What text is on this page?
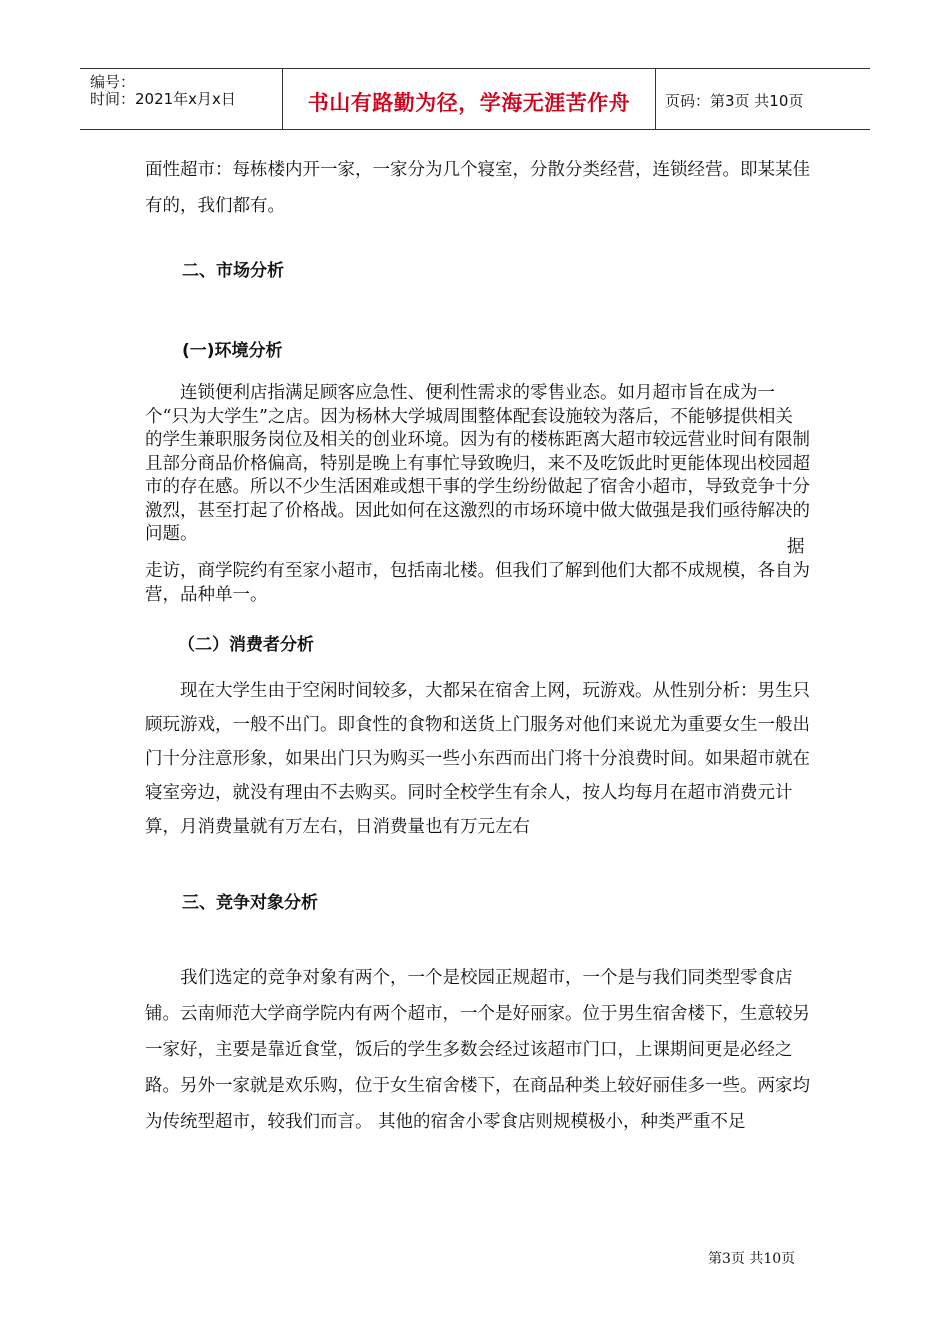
编号：
时间：2021年x月x日	书山有路勤为径，学海无涯苦作舟	页码：第3页 共10页
面性超市：每栋楼内开一家，一家分为几个寝室，分散分类经营，连锁经营。即某某佳有的，我们都有。
二、市场分析
(一)环境分析
连锁便利店指满足顾客应急性、便利性需求的零售业态。如月超市旨在成为一个“只为大学生”之店。因为杨林大学城周围整体配套设施较为落后，不能够提供相关的学生兼职服务岗位及相关的创业环境。因为有的楼栋距离大超市较远营业时间有限制且部分商品价格偏高，特别是晚上有事忙导致晚归，来不及吃饭此时更能体现出校园超市的存在感。所以不少生活困难或想干事的学生纷纷做起了宿舍小超市，导致竞争十分激烈，甚至打起了价格战。因此如何在这激烈的市场环境中做大做强是我们亟待解决的问题。
据
走访，商学院约有至家小超市，包括南北楼。但我们了解到他们大都不成规模，各自为营，品种单一。
（二）消费者分析
现在大学生由于空闲时间较多，大都呆在宿舍上网，玩游戏。从性别分析：男生只顾玩游戏，一般不出门。即食性的食物和送货上门服务对他们来说尤为重要女生一般出门十分注意形象，如果出门只为购买一些小东西而出门将十分浪费时间。如果超市就在寝室旁边，就没有理由不去购买。同时全校学生有余人，按人均每月在超市消费元计算，月消费量就有万左右，日消费量也有万元左右
三、竞争对象分析
我们选定的竞争对象有两个，一个是校园正规超市，一个是与我们同类型零食店铺。云南师范大学商学院内有两个超市，一个是好丽家。位于男生宿舍楼下，生意较另一家好，主要是靠近食堂，饭后的学生多数会经过该超市门口，上课期间更是必经之路。另外一家就是欢乐购，位于女生宿舍楼下，在商品种类上较好丽佳多一些。两家均为传统型超市，较我们而言。 其他的宿舍小零食店则规模极小，种类严重不足
第3页 共10页
